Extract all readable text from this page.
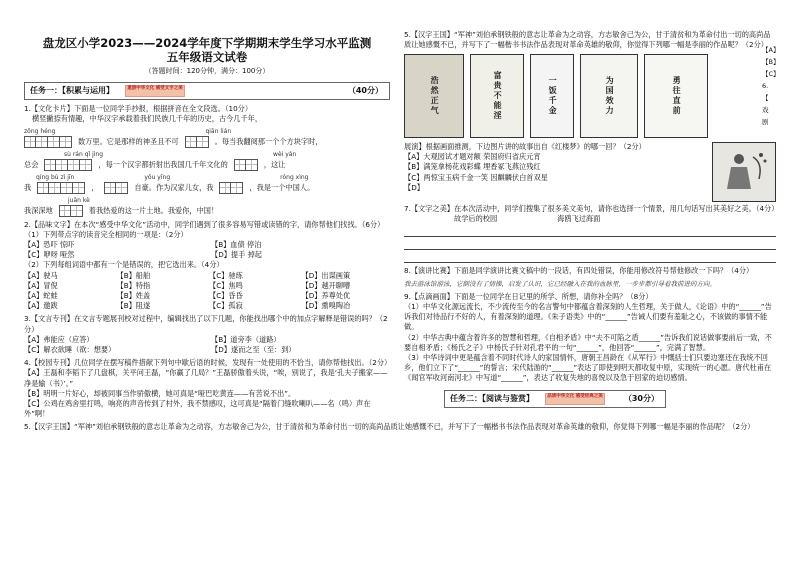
盘龙区小学2023——2024学年度下学期期末学生学习水平监测
五年级语文试卷
（答题时间：120分钟，满分：100分）
任务一：【积累与运用】	遨游中华文化 感受文字之美	（40分）

1.【文化卡片】下面是一位同学手抄报，根据拼音在全文段选。（10分）

横竖撇捺有情趣，中华汉字承载着我们民族几千年的历史，古今几千年，

zōng héng	qiān lián
数万里。它是那样的神圣且不可	。每当我翻阅那一个个方块字时，
sù rán qǐ jìng	wèi yán
总会	，每一个汉字都折射出我国几千年文化的	，这让
qíng bù zì jīn	yǒu yīng	róng xìng
我	，	自豪。作为汉家儿女，我	，我是一个中国人。
juān kè
我深深地	着我热爱的这一片土地。我爱你，中国！

2.【品味文字】在本次“感受中华文化”活动中，同学们遇到了很多容易写错或读错的字，请你帮他们找找。（6分）

（1）下列带点字的读音完全相同的一项是：（2分）

【A】恐吓 惊吓	【B】血债 停泊
【C】咿呀 哑然	【D】提手 掉起

（2）下列每组词语中都有一个是错误的，把它选出来。（4分）

【A】驶马	【B】船舶	【C】驰练	【D】出谋画策
【A】冒倪	【B】特指	【C】焦鸣	【D】越开聊嘈
【A】蛇蛙	【B】姓盖	【C】昏昏	【D】养尊处优
【A】邀跋	【B】阻遂	【C】孤寂	【D】熏嗅陶冶

3.【文言专刊】在文言专题展刊校对过程中，编辑找出了以下几题，你能找出哪个中的加点字解释是错误的吗？（2分）

【A】弗能应（应答）	【B】道旁李（道路）
【C】解衣欲睡（欲：想要）	【D】遂而之至（至：到）

4.【校园专刊】几位同学在摆写稿件措献下列句中歇后语的时候，发现有一处使用的不恰当，请你帮他找出。（2分）

【A】王磊和李韬下了几盘棋，关平问王磊，“你赢了几局？”王磊骄傲着头说，“唉，别说了，我是‘孔夫子搬家——净是输（书）’。”

【B】明明一片好心，却被同事当作骄傲横，她可真是“哑巴吃黄连——有苦说不出”。

【C】公鸡在鸡舍里打鸣，响亮的声音传到了村外，我不禁感叹，这可真是“隔着门缝吹喇叭——名（鸣）声在外”啊！

5.【汉字王国】“军神”刘伯承钢铁般的意志让革命为之动容，方志敏舍己为公，甘于清贫和为革命付出一切的高尚品质让她感慨不已，并写下了一幅楷书书法作品表现对革命英雄的敬仰，你觉得下列哪一幅是李丽的作品呢？（2分）

5.【汉字王国】“军神”刘伯承钢铁般的意志让革命为之动容，方志敏舍己为公，甘于清贫和为革命付出一切的高尚品质让她感慨不已，并写下了一幅楷书书法作品表现对革命英雄的敬仰，你觉得下列哪一幅是李丽的作品呢？（2分）

浩然正气	富贵不能淫	一饭千金	为国效力	勇往直前
【A】
【B】
【C】
6.
【
戏
剧

展演】根据画面推测，下边图片讲的故事出自《红楼梦》的哪一回？（2分）

【A】大观园试才题对额 荣国府归省庆元宵

【B】满笼拿杨花戏彩蝶 埋香冢飞燕泣残红

【C】两惊宝玉病千金一笑 因麒麟伏白首双星

【D】

7.【文字之美】在本次活动中，同学们搜集了很多美文美句，请你也选择一个情景，用几句话写出其美好之美。（4分）

故学后的校园	海鸥飞过海面

8.【演讲比赛】下面是同学演讲比赛文稿中的一段话，有四处错误，你能用修改符号帮他修改一下吗？（4分）

我去游泳馆游泳，它倒没有了情操，启发了认识，它已经融入在我的血脉里，一步步都引导着我前进的方向。

9.【点滴画面】下面是一位同学在日记里的所学、所想，请你补全吗？（8分）

（1）中华文化源远流长，不少流传至今的名言警句中都蕴含着深刻的人生哲理，关于做人，《论语》中的“______”告诉我们对待品行不好的人，有着深刻的道理。《朱子语类》中的“______”告诫人们要有羞耻之心，不该做的事情不能做。

（2）中华古典中蕴含着许多的智慧和哲理，《自相矛盾》中“夫不可陷之盾______”告诉我们说话做事要前后一致，不要自相矛盾；《杨氏之子》中杨氏子针对孔君平的一句“______”，他回答“______”，完满了智慧。

（3）中华诗词中更是蕴含着不同时代诗人的家国情怀，唐朝王昌龄在《从军行》中慨括士们只要边塞还在我统不回乡，他们立下了“______”的誓言；宋代陆游的“______”表达了即使到明天都收复中原，实现统一的心愿。唐代杜甫在《闻官军收河南河北》中写道“______”，表达了收复失地的喜悦以及急于回家的迫切感情。

任务二：【阅读与鉴赏】	品读中华文化 感受经典之美	（30分）
